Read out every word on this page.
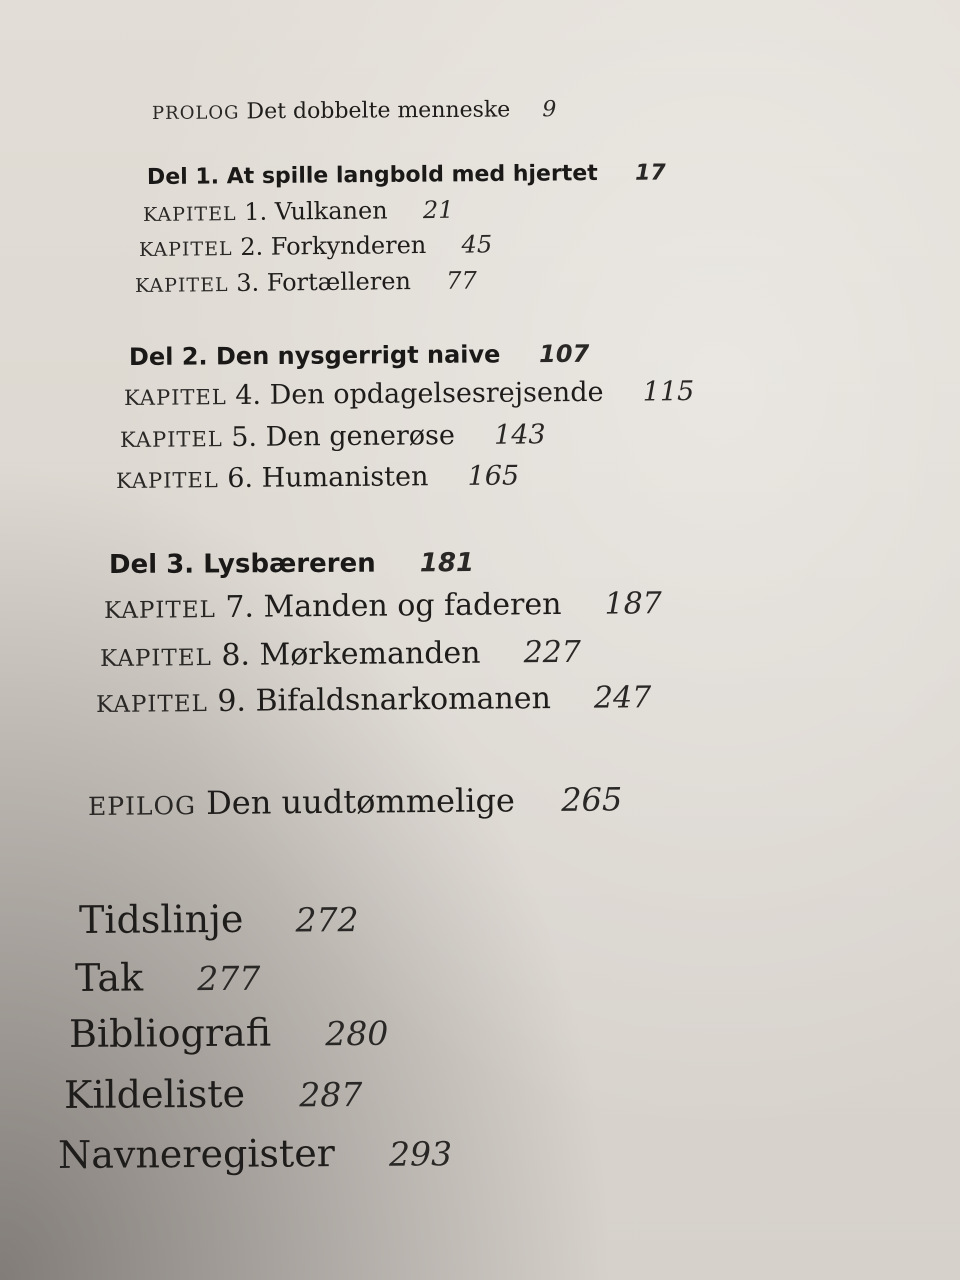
PROLOG Det dobbelte menneske 9
Del 1. At spille langbold med hjertet 17
KAPITEL 1. Vulkanen 21
KAPITEL 2. Forkynderen 45
KAPITEL 3. Fortælleren 77
Del 2. Den nysgerrigt naive 107
KAPITEL 4. Den opdagelsesrejsende 115
KAPITEL 5. Den generøse 143
KAPITEL 6. Humanisten 165
Del 3. Lysbæreren 181
KAPITEL 7. Manden og faderen 187
KAPITEL 8. Mørkemanden 227
KAPITEL 9. Bifaldsnarkomanen 247
EPILOG Den uudtømmelige 265
Tidslinje 272
Tak 277
Bibliografi 280
Kildeliste 287
Navneregister 293
